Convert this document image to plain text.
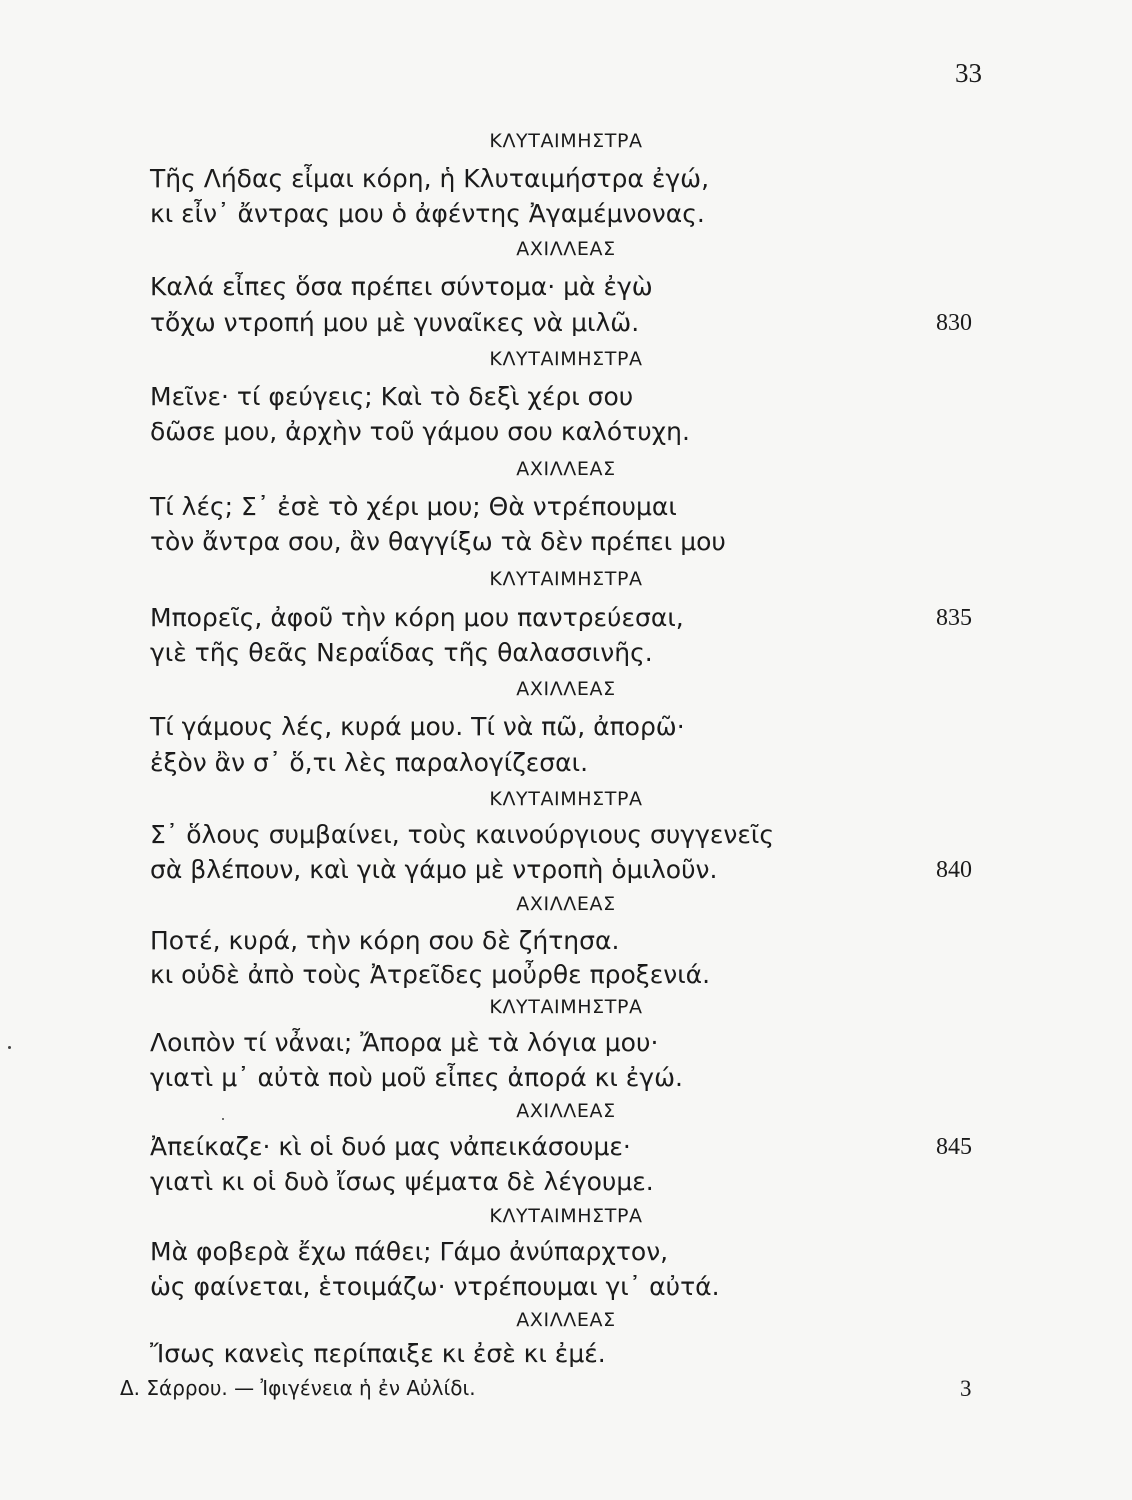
33
ΚΛΥΤΑΙΜΗΣΤΡΑ
Τῆς Λήδας εἶμαι κόρη, ἡ Κλυταιμήστρα ἐγώ,
κι εἶν᾽ ἄντρας μου ὁ ἀφέντης Ἀγαμέμνονας.
ΑΧΙΛΛΕΑΣ
Καλά εἶπες ὅσα πρέπει σύντομα· μὰ ἐγὼ
τὄχω ντροπή μου μὲ γυναῖκες νὰ μιλῶ.	830
ΚΛΥΤΑΙΜΗΣΤΡΑ
Μεῖνε· τί φεύγεις; Καὶ τὸ δεξὶ χέρι σου
δῶσε μου, ἀρχὴν τοῦ γάμου σου καλότυχη.
ΑΧΙΛΛΕΑΣ
Τί λές; Σ᾽ ἐσὲ τὸ χέρι μου; Θὰ ντρέπουμαι
τὸν ἄντρα σου, ἂν θαγγίξω τὰ δὲν πρέπει μου
ΚΛΥΤΑΙΜΗΣΤΡΑ
Μπορεῖς, ἀφοῦ τὴν κόρη μου παντρεύεσαι,	835
γιὲ τῆς θεᾶς Νεραΐδας τῆς θαλασσινῆς.
ΑΧΙΛΛΕΑΣ
Τί γάμους λές, κυρά μου. Τί νὰ πῶ, ἀπορῶ·
ἐξὸν ἂν σ᾽ ὅ,τι λὲς παραλογίζεσαι.
ΚΛΥΤΑΙΜΗΣΤΡΑ
Σ᾽ ὅλους συμβαίνει, τοὺς καινούργιους συγγενεῖς
σὰ βλέπουν, καὶ γιὰ γάμο μὲ ντροπὴ ὁμιλοῦν.	840
ΑΧΙΛΛΕΑΣ
Ποτέ, κυρά, τὴν κόρη σου δὲ ζήτησα.
κι οὐδὲ ἀπὸ τοὺς Ἀτρεῖδες μοὖρθε προξενιά.
ΚΛΥΤΑΙΜΗΣΤΡΑ
Λοιπὸν τί νἆναι; Ἄπορα μὲ τὰ λόγια μου·
γιατὶ μ᾽ αὐτὰ ποὺ μοῦ εἶπες ἀπορά κι ἐγώ.
ΑΧΙΛΛΕΑΣ
Ἀπείκαζε· κὶ οἱ δυό μας νἀπεικάσουμε·	845
γιατὶ κι οἱ δυὸ ἴσως ψέματα δὲ λέγουμε.
ΚΛΥΤΑΙΜΗΣΤΡΑ
Μὰ φοβερὰ ἔχω πάθει; Γάμο ἀνύπαρχτον,
ὡς φαίνεται, ἑτοιμάζω· ντρέπουμαι γι᾽ αὐτά.
ΑΧΙΛΛΕΑΣ
Ἴσως κανεὶς περίπαιξε κι ἐσὲ κι ἐμέ.
Δ. Σάρρου. — Ἰφιγένεια ἡ ἐν Αὐλίδι.	3
